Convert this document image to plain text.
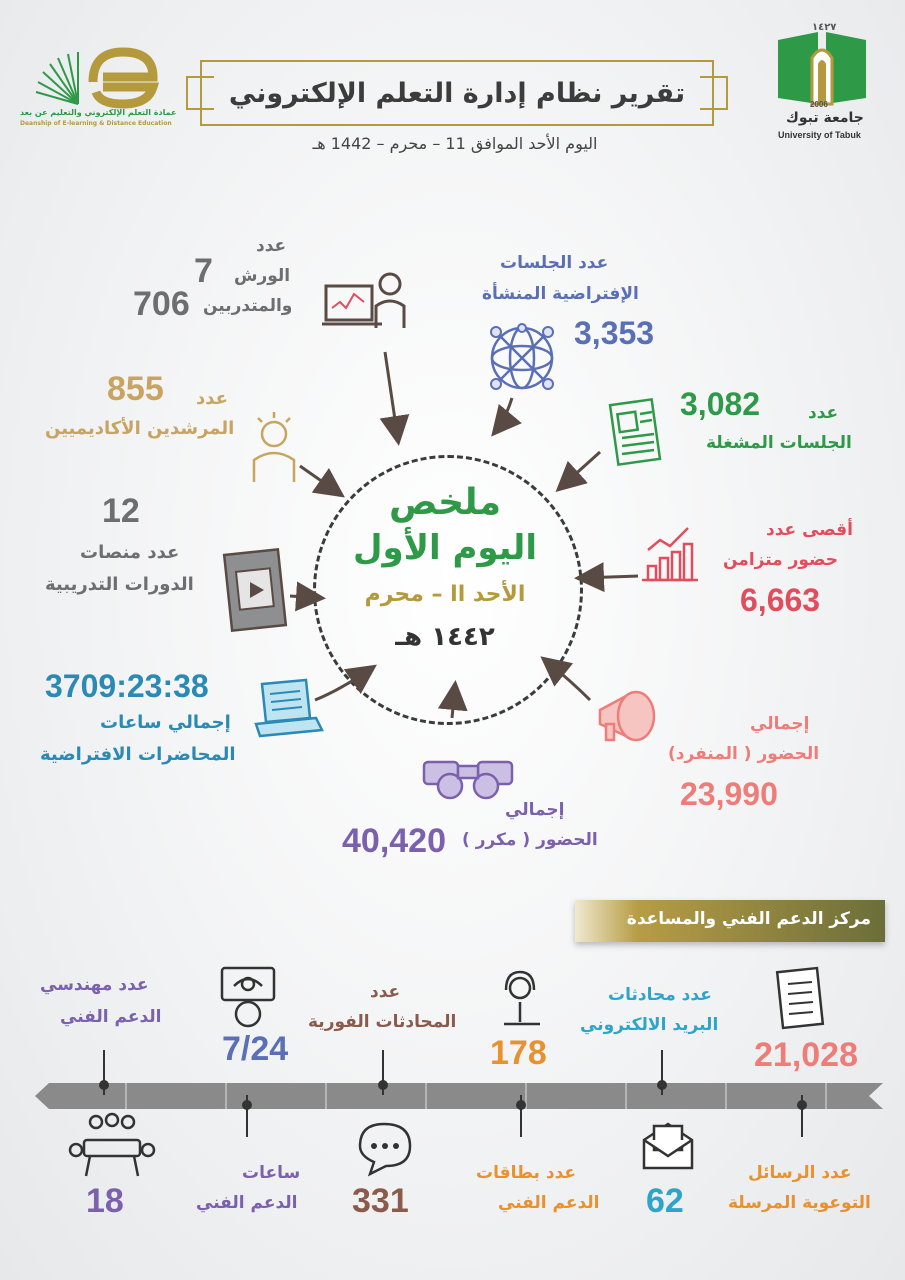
عمادة التعلم الإلكتروني والتعليم عن بعد
Deanship of E-learning & Distance Education
تقرير نظام إدارة التعلم الإلكتروني
اليوم الأحد الموافق 11 – محرم – 1442 هـ
١٤٢٧
2006
جامعة تبوك
University of Tabuk
ملخص
اليوم الأول
الأحد اا – محرم
١٤٤٢ هـ
عدد
الورش
7
والمتدربين
706
عدد الجلسات
الإفتراضية المنشأة
3,353
3,082	عدد
الجلسات المشغلة
أقصى عدد
حضور متزامن
6,663
إجمالي
الحضور ( المنفرد)
23,990
إجمالي
الحضور ( مكرر )
40,420
3709:23:38
إجمالي ساعات
المحاضرات الافتراضية
12
عدد منصات
الدورات التدريبية
855 عدد
المرشدين الأكاديميين
مركز الدعم الفني والمساعدة
عدد مهندسي
الدعم الفني
7/24
عدد
المحادثات الفورية
178
عدد محادثات
البريد الالكتروني
21,028
18
ساعات
الدعم الفني 331
عدد بطاقات
الدعم الفني 62
عدد الرسائل
التوعوية المرسلة
